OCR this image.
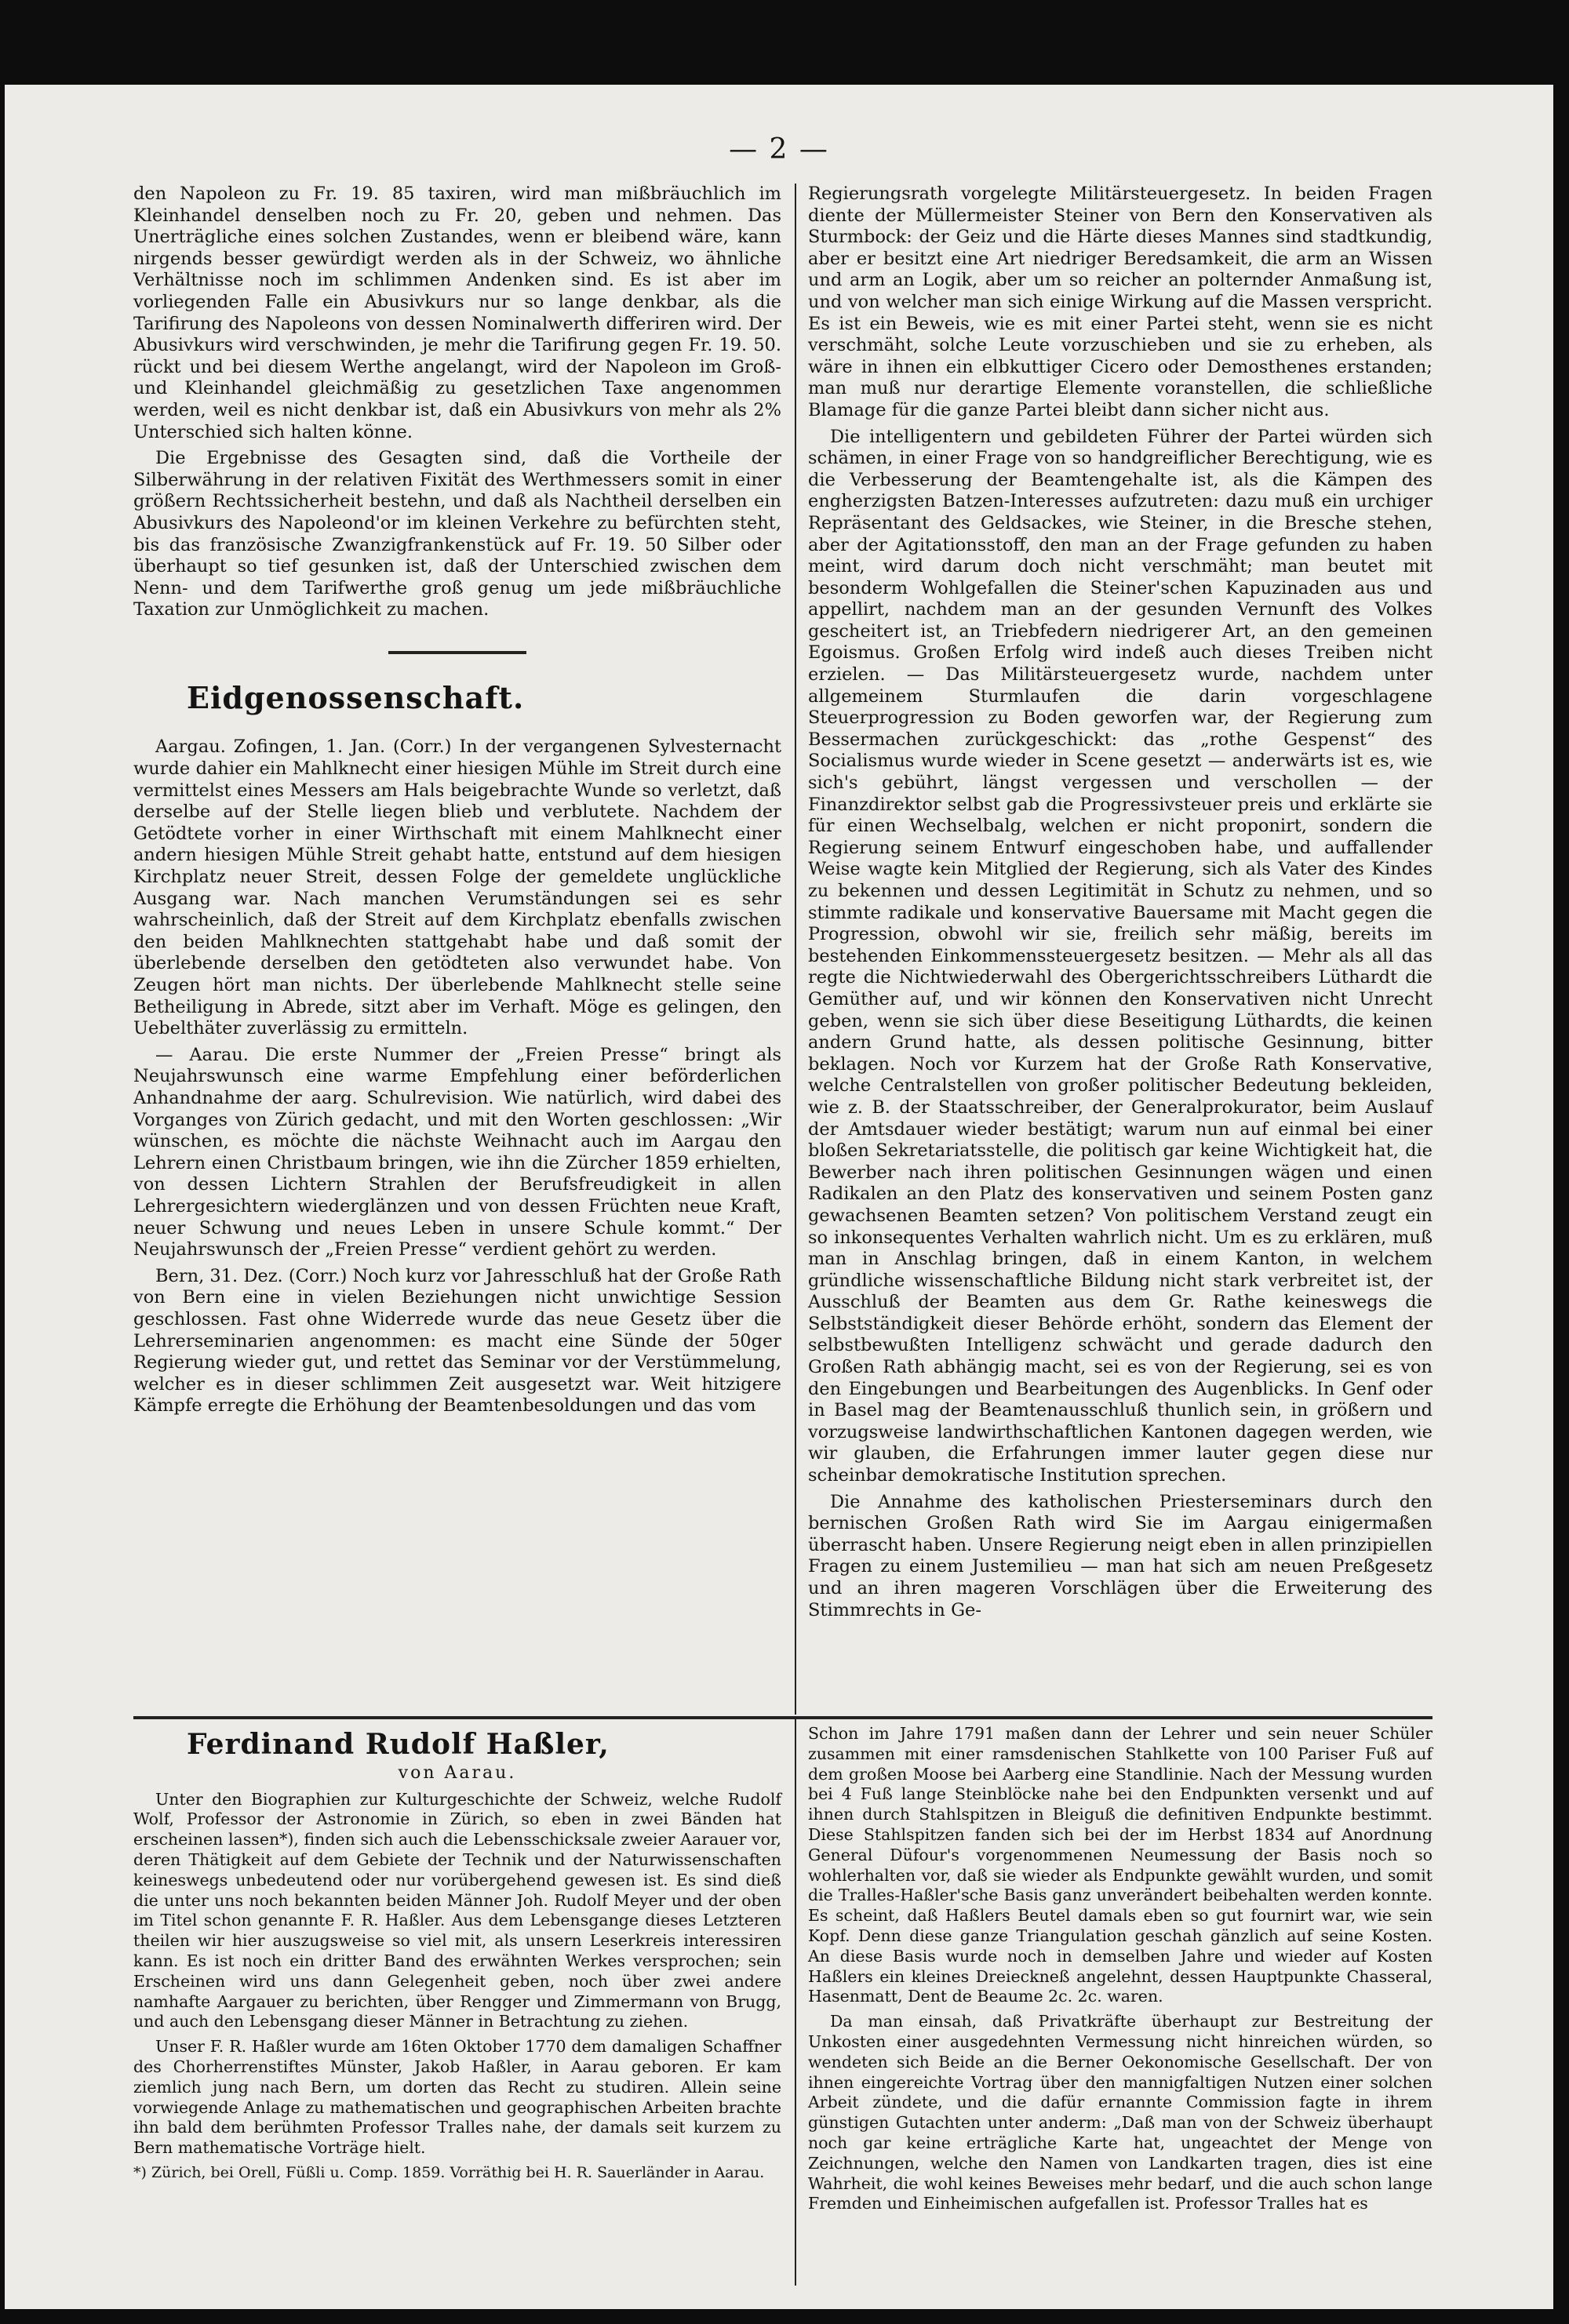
— 2 —

den Napoleon zu Fr. 19. 85 taxiren, wird man mißbräuchlich im Kleinhandel denselben noch zu Fr. 20, geben und nehmen. Das Unerträgliche eines solchen Zustandes, wenn er bleibend wäre, kann nirgends besser gewürdigt werden als in der Schweiz, wo ähnliche Verhältnisse noch im schlimmen Andenken sind. Es ist aber im vorliegenden Falle ein Abusivkurs nur so lange denkbar, als die Tarifirung des Napoleons von dessen Nominalwerth differiren wird. Der Abusivkurs wird verschwinden, je mehr die Tarifirung gegen Fr. 19. 50. rückt und bei diesem Werthe angelangt, wird der Napoleon im Groß- und Kleinhandel gleichmäßig zu gesetzlichen Taxe angenommen werden, weil es nicht denkbar ist, daß ein Abusivkurs von mehr als 2% Unterschied sich halten könne.

Die Ergebnisse des Gesagten sind, daß die Vortheile der Silberwährung in der relativen Fixität des Werthmessers somit in einer größern Rechtssicherheit bestehn, und daß als Nachtheil derselben ein Abusivkurs des Napoleond'or im kleinen Verkehre zu befürchten steht, bis das französische Zwanzigfrankenstück auf Fr. 19. 50 Silber oder überhaupt so tief gesunken ist, daß der Unterschied zwischen dem Nenn- und dem Tarifwerthe groß genug um jede mißbräuchliche Taxation zur Unmöglichkeit zu machen.

Eidgenossenschaft.

Aargau. Zofingen, 1. Jan. (Corr.) In der vergangenen Sylvesternacht wurde dahier ein Mahlknecht einer hiesigen Mühle im Streit durch eine vermittelst eines Messers am Hals beigebrachte Wunde so verletzt, daß derselbe auf der Stelle liegen blieb und verblutete. Nachdem der Getödtete vorher in einer Wirthschaft mit einem Mahlknecht einer andern hiesigen Mühle Streit gehabt hatte, entstund auf dem hiesigen Kirchplatz neuer Streit, dessen Folge der gemeldete unglückliche Ausgang war. Nach manchen Verumständungen sei es sehr wahrscheinlich, daß der Streit auf dem Kirchplatz ebenfalls zwischen den beiden Mahlknechten stattgehabt habe und daß somit der überlebende derselben den getödteten also verwundet habe. Von Zeugen hört man nichts. Der überlebende Mahlknecht stelle seine Betheiligung in Abrede, sitzt aber im Verhaft. Möge es gelingen, den Uebelthäter zuverlässig zu ermitteln.

— Aarau. Die erste Nummer der „Freien Presse“ bringt als Neujahrswunsch eine warme Empfehlung einer beförderlichen Anhandnahme der aarg. Schulrevision. Wie natürlich, wird dabei des Vorganges von Zürich gedacht, und mit den Worten geschlossen: „Wir wünschen, es möchte die nächste Weihnacht auch im Aargau den Lehrern einen Christbaum bringen, wie ihn die Zürcher 1859 erhielten, von dessen Lichtern Strahlen der Berufsfreudigkeit in allen Lehrergesichtern wiederglänzen und von dessen Früchten neue Kraft, neuer Schwung und neues Leben in unsere Schule kommt.“ Der Neujahrswunsch der „Freien Presse“ verdient gehört zu werden.

Bern, 31. Dez. (Corr.) Noch kurz vor Jahresschluß hat der Große Rath von Bern eine in vielen Beziehungen nicht unwichtige Session geschlossen. Fast ohne Widerrede wurde das neue Gesetz über die Lehrerseminarien angenommen: es macht eine Sünde der 50ger Regierung wieder gut, und rettet das Seminar vor der Verstümmelung, welcher es in dieser schlimmen Zeit ausgesetzt war. Weit hitzigere Kämpfe erregte die Erhöhung der Beamtenbesoldungen und das vom

Regierungsrath vorgelegte Militärsteuergesetz. In beiden Fragen diente der Müllermeister Steiner von Bern den Konservativen als Sturmbock: der Geiz und die Härte dieses Mannes sind stadtkundig, aber er besitzt eine Art niedriger Beredsamkeit, die arm an Wissen und arm an Logik, aber um so reicher an polternder Anmaßung ist, und von welcher man sich einige Wirkung auf die Massen verspricht. Es ist ein Beweis, wie es mit einer Partei steht, wenn sie es nicht verschmäht, solche Leute vorzuschieben und sie zu erheben, als wäre in ihnen ein elbkuttiger Cicero oder Demosthenes erstanden; man muß nur derartige Elemente voranstellen, die schließliche Blamage für die ganze Partei bleibt dann sicher nicht aus.

Die intelligentern und gebildeten Führer der Partei würden sich schämen, in einer Frage von so handgreiflicher Berechtigung, wie es die Verbesserung der Beamtengehalte ist, als die Kämpen des engherzigsten Batzen-Interesses aufzutreten: dazu muß ein urchiger Repräsentant des Geldsackes, wie Steiner, in die Bresche stehen, aber der Agitationsstoff, den man an der Frage gefunden zu haben meint, wird darum doch nicht verschmäht; man beutet mit besonderm Wohlgefallen die Steiner'schen Kapuzinaden aus und appellirt, nachdem man an der gesunden Vernunft des Volkes gescheitert ist, an Triebfedern niedrigerer Art, an den gemeinen Egoismus. Großen Erfolg wird indeß auch dieses Treiben nicht erzielen. — Das Militärsteuergesetz wurde, nachdem unter allgemeinem Sturmlaufen die darin vorgeschlagene Steuerprogression zu Boden geworfen war, der Regierung zum Bessermachen zurückgeschickt: das „rothe Gespenst“ des Socialismus wurde wieder in Scene gesetzt — anderwärts ist es, wie sich's gebührt, längst vergessen und verschollen — der Finanzdirektor selbst gab die Progressivsteuer preis und erklärte sie für einen Wechselbalg, welchen er nicht proponirt, sondern die Regierung seinem Entwurf eingeschoben habe, und auffallender Weise wagte kein Mitglied der Regierung, sich als Vater des Kindes zu bekennen und dessen Legitimität in Schutz zu nehmen, und so stimmte radikale und konservative Bauersame mit Macht gegen die Progression, obwohl wir sie, freilich sehr mäßig, bereits im bestehenden Einkommenssteuergesetz besitzen. — Mehr als all das regte die Nichtwiederwahl des Obergerichtsschreibers Lüthardt die Gemüther auf, und wir können den Konservativen nicht Unrecht geben, wenn sie sich über diese Beseitigung Lüthardts, die keinen andern Grund hatte, als dessen politische Gesinnung, bitter beklagen. Noch vor Kurzem hat der Große Rath Konservative, welche Centralstellen von großer politischer Bedeutung bekleiden, wie z. B. der Staatsschreiber, der Generalprokurator, beim Auslauf der Amtsdauer wieder bestätigt; warum nun auf einmal bei einer bloßen Sekretariatsstelle, die politisch gar keine Wichtigkeit hat, die Bewerber nach ihren politischen Gesinnungen wägen und einen Radikalen an den Platz des konservativen und seinem Posten ganz gewachsenen Beamten setzen? Von politischem Verstand zeugt ein so inkonsequentes Verhalten wahrlich nicht. Um es zu erklären, muß man in Anschlag bringen, daß in einem Kanton, in welchem gründliche wissenschaftliche Bildung nicht stark verbreitet ist, der Ausschluß der Beamten aus dem Gr. Rathe keineswegs die Selbstständigkeit dieser Behörde erhöht, sondern das Element der selbstbewußten Intelligenz schwächt und gerade dadurch den Großen Rath abhängig macht, sei es von der Regierung, sei es von den Eingebungen und Bearbeitungen des Augenblicks. In Genf oder in Basel mag der Beamtenausschluß thunlich sein, in größern und vorzugsweise landwirthschaftlichen Kantonen dagegen werden, wie wir glauben, die Erfahrungen immer lauter gegen diese nur scheinbar demokratische Institution sprechen.

Die Annahme des katholischen Priesterseminars durch den bernischen Großen Rath wird Sie im Aargau einigermaßen überrascht haben. Unsere Regierung neigt eben in allen prinzipiellen Fragen zu einem Justemilieu — man hat sich am neuen Preßgesetz und an ihren mageren Vorschlägen über die Erweiterung des Stimmrechts in Ge-

Ferdinand Rudolf Haßler,
von Aarau.

Unter den Biographien zur Kulturgeschichte der Schweiz, welche Rudolf Wolf, Professor der Astronomie in Zürich, so eben in zwei Bänden hat erscheinen lassen*), finden sich auch die Lebensschicksale zweier Aarauer vor, deren Thätigkeit auf dem Gebiete der Technik und der Naturwissenschaften keineswegs unbedeutend oder nur vorübergehend gewesen ist. Es sind dieß die unter uns noch bekannten beiden Männer Joh. Rudolf Meyer und der oben im Titel schon genannte F. R. Haßler. Aus dem Lebensgange dieses Letzteren theilen wir hier auszugsweise so viel mit, als unsern Leserkreis interessiren kann. Es ist noch ein dritter Band des erwähnten Werkes versprochen; sein Erscheinen wird uns dann Gelegenheit geben, noch über zwei andere namhafte Aargauer zu berichten, über Rengger und Zimmermann von Brugg, und auch den Lebensgang dieser Männer in Betrachtung zu ziehen.

Unser F. R. Haßler wurde am 16ten Oktober 1770 dem damaligen Schaffner des Chorherrenstiftes Münster, Jakob Haßler, in Aarau geboren. Er kam ziemlich jung nach Bern, um dorten das Recht zu studiren. Allein seine vorwiegende Anlage zu mathematischen und geographischen Arbeiten brachte ihn bald dem berühmten Professor Tralles nahe, der damals seit kurzem zu Bern mathematische Vorträge hielt.

*) Zürich, bei Orell, Füßli u. Comp. 1859. Vorräthig bei H. R. Sauerländer in Aarau.

Schon im Jahre 1791 maßen dann der Lehrer und sein neuer Schüler zusammen mit einer ramsdenischen Stahlkette von 100 Pariser Fuß auf dem großen Moose bei Aarberg eine Standlinie. Nach der Messung wurden bei 4 Fuß lange Steinblöcke nahe bei den Endpunkten versenkt und auf ihnen durch Stahlspitzen in Bleiguß die definitiven Endpunkte bestimmt. Diese Stahlspitzen fanden sich bei der im Herbst 1834 auf Anordnung General Düfour's vorgenommenen Neumessung der Basis noch so wohlerhalten vor, daß sie wieder als Endpunkte gewählt wurden, und somit die Tralles-Haßler'sche Basis ganz unverändert beibehalten werden konnte. Es scheint, daß Haßlers Beutel damals eben so gut fournirt war, wie sein Kopf. Denn diese ganze Triangulation geschah gänzlich auf seine Kosten. An diese Basis wurde noch in demselben Jahre und wieder auf Kosten Haßlers ein kleines Dreieckneß angelehnt, dessen Hauptpunkte Chasseral, Hasenmatt, Dent de Beaume 2c. 2c. waren.

Da man einsah, daß Privatkräfte überhaupt zur Bestreitung der Unkosten einer ausgedehnten Vermessung nicht hinreichen würden, so wendeten sich Beide an die Berner Oekonomische Gesellschaft. Der von ihnen eingereichte Vortrag über den mannigfaltigen Nutzen einer solchen Arbeit zündete, und die dafür ernannte Commission fagte in ihrem günstigen Gutachten unter anderm: „Daß man von der Schweiz überhaupt noch gar keine erträgliche Karte hat, ungeachtet der Menge von Zeichnungen, welche den Namen von Landkarten tragen, dies ist eine Wahrheit, die wohl keines Beweises mehr bedarf, und die auch schon lange Fremden und Einheimischen aufgefallen ist. Professor Tralles hat es
